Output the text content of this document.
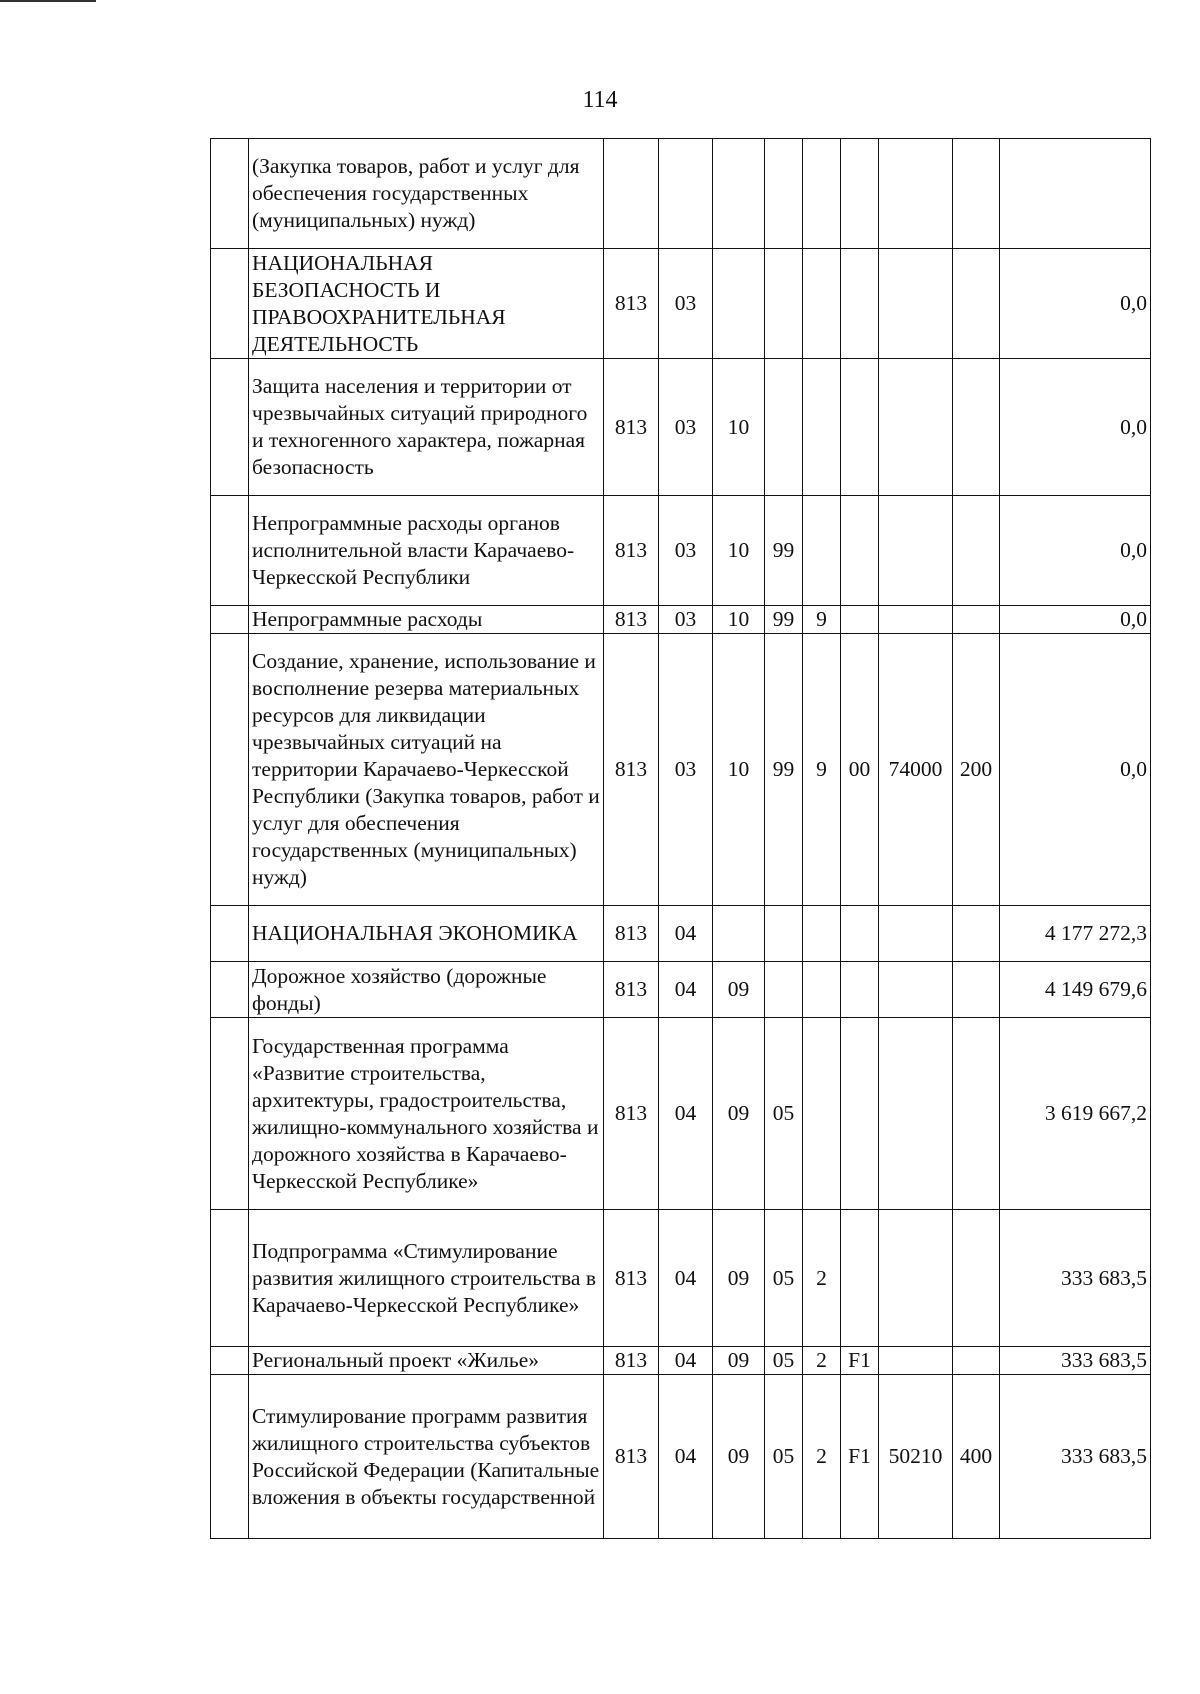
114
	(Закупка товаров, работ и услуг для обеспечения государственных (муниципальных) нужд)									
	НАЦИОНАЛЬНАЯ БЕЗОПАСНОСТЬ И ПРАВООХРАНИТЕЛЬНАЯ ДЕЯТЕЛЬНОСТЬ	813	03							0,0
	Защита населения и территории от чрезвычайных ситуаций природного и техногенного характера, пожарная безопасность	813	03	10						0,0
	Непрограммные расходы органов исполнительной власти Карачаево-Черкесской Республики	813	03	10	99					0,0
	Непрограммные расходы	813	03	10	99	9				0,0
	Создание, хранение, использование и восполнение резерва материальных ресурсов для ликвидации чрезвычайных ситуаций на территории Карачаево-Черкесской Республики (Закупка товаров, работ и услуг для обеспечения государственных (муниципальных) нужд)	813	03	10	99	9	00	74000	200	0,0
	НАЦИОНАЛЬНАЯ ЭКОНОМИКА	813	04							4 177 272,3
	Дорожное хозяйство (дорожные фонды)	813	04	09						4 149 679,6
	Государственная программа «Развитие строительства, архитектуры, градостроительства, жилищно-коммунального хозяйства и дорожного хозяйства в Карачаево-Черкесской Республике»	813	04	09	05					3 619 667,2
	Подпрограмма «Стимулирование развития жилищного строительства в Карачаево-Черкесской Республике»	813	04	09	05	2				333 683,5
	Региональный проект «Жилье»	813	04	09	05	2	F1			333 683,5
	Стимулирование программ развития жилищного строительства субъектов Российской Федерации (Капитальные вложения в объекты государственной	813	04	09	05	2	F1	50210	400	333 683,5
